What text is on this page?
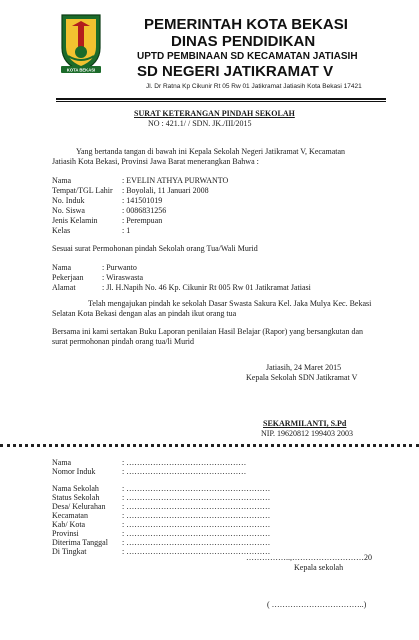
KOTA BEKASI
PEMERINTAH KOTA BEKASI
DINAS PENDIDIKAN
UPTD PEMBINAAN SD KECAMATAN JATIASIH
SD NEGERI JATIKRAMAT V
Jl. Dr Ratna Kp Cikunir Rt 05 Rw 01 Jatikramat Jatiasih Kota Bekasi 17421
SURAT KETERANGAN PINDAH SEKOLAH
NO : 421.1/ / SDN. JK./III/2015
Yang bertanda tangan di bawah ini Kepala Sekolah Negeri Jatikramat V, Kecamatan
Jatiasih Kota Bekasi, Provinsi Jawa Barat menerangkan Bahwa :
Nama	: EVELIN ATHYA PURWANTO
Tempat/TGL Lahir : Boyolali, 11 Januari 2008
No. Induk	: 141501019
No. Siswa	: 0086831256
Jenis Kelamin	: Perempuan
Kelas	: 1
Sesuai surat Permohonan pindah Sekolah orang Tua/Wali Murid
Nama	: Purwanto
Pekerjaan : Wiraswasta
Alamat	: Jl. H.Napih No. 46 Kp. Cikunir Rt 005 Rw 01 Jatikramat Jatiasi
Telah mengajukan pindah ke sekolah Dasar Swasta Sakura Kel. Jaka Mulya Kec. Bekasi
Selatan Kota Bekasi dengan alas an pindah ikut orang tua
Bersama ini kami sertakan Buku Laporan penilaian Hasil Belajar (Rapor) yang bersangkutan dan
surat permohonan pindah orang tua/li Murid
Jatiasih, 24 Maret 2015
Kepala Sekolah SDN Jatikramat V
SEKARMILANTI, S.Pd
NIP. 19620812 199403 2003
Nama	: ………………………………………
Nomor Induk	: ………………………………………
Nama Sekolah	: ………………………………………………
Status Sekolah	: ………………………………………………
Desa/ Kelurahan : ………………………………………………
Kecamatan	: ………………………………………………
Kab/ Kota	: ………………………………………………
Provinsi	: ………………………………………………
Diterima Tanggal : ………………………………………………
Di Tingkat	: ………………………………………………
……………..,………………………20
Kepala sekolah
( ……………………………..)
